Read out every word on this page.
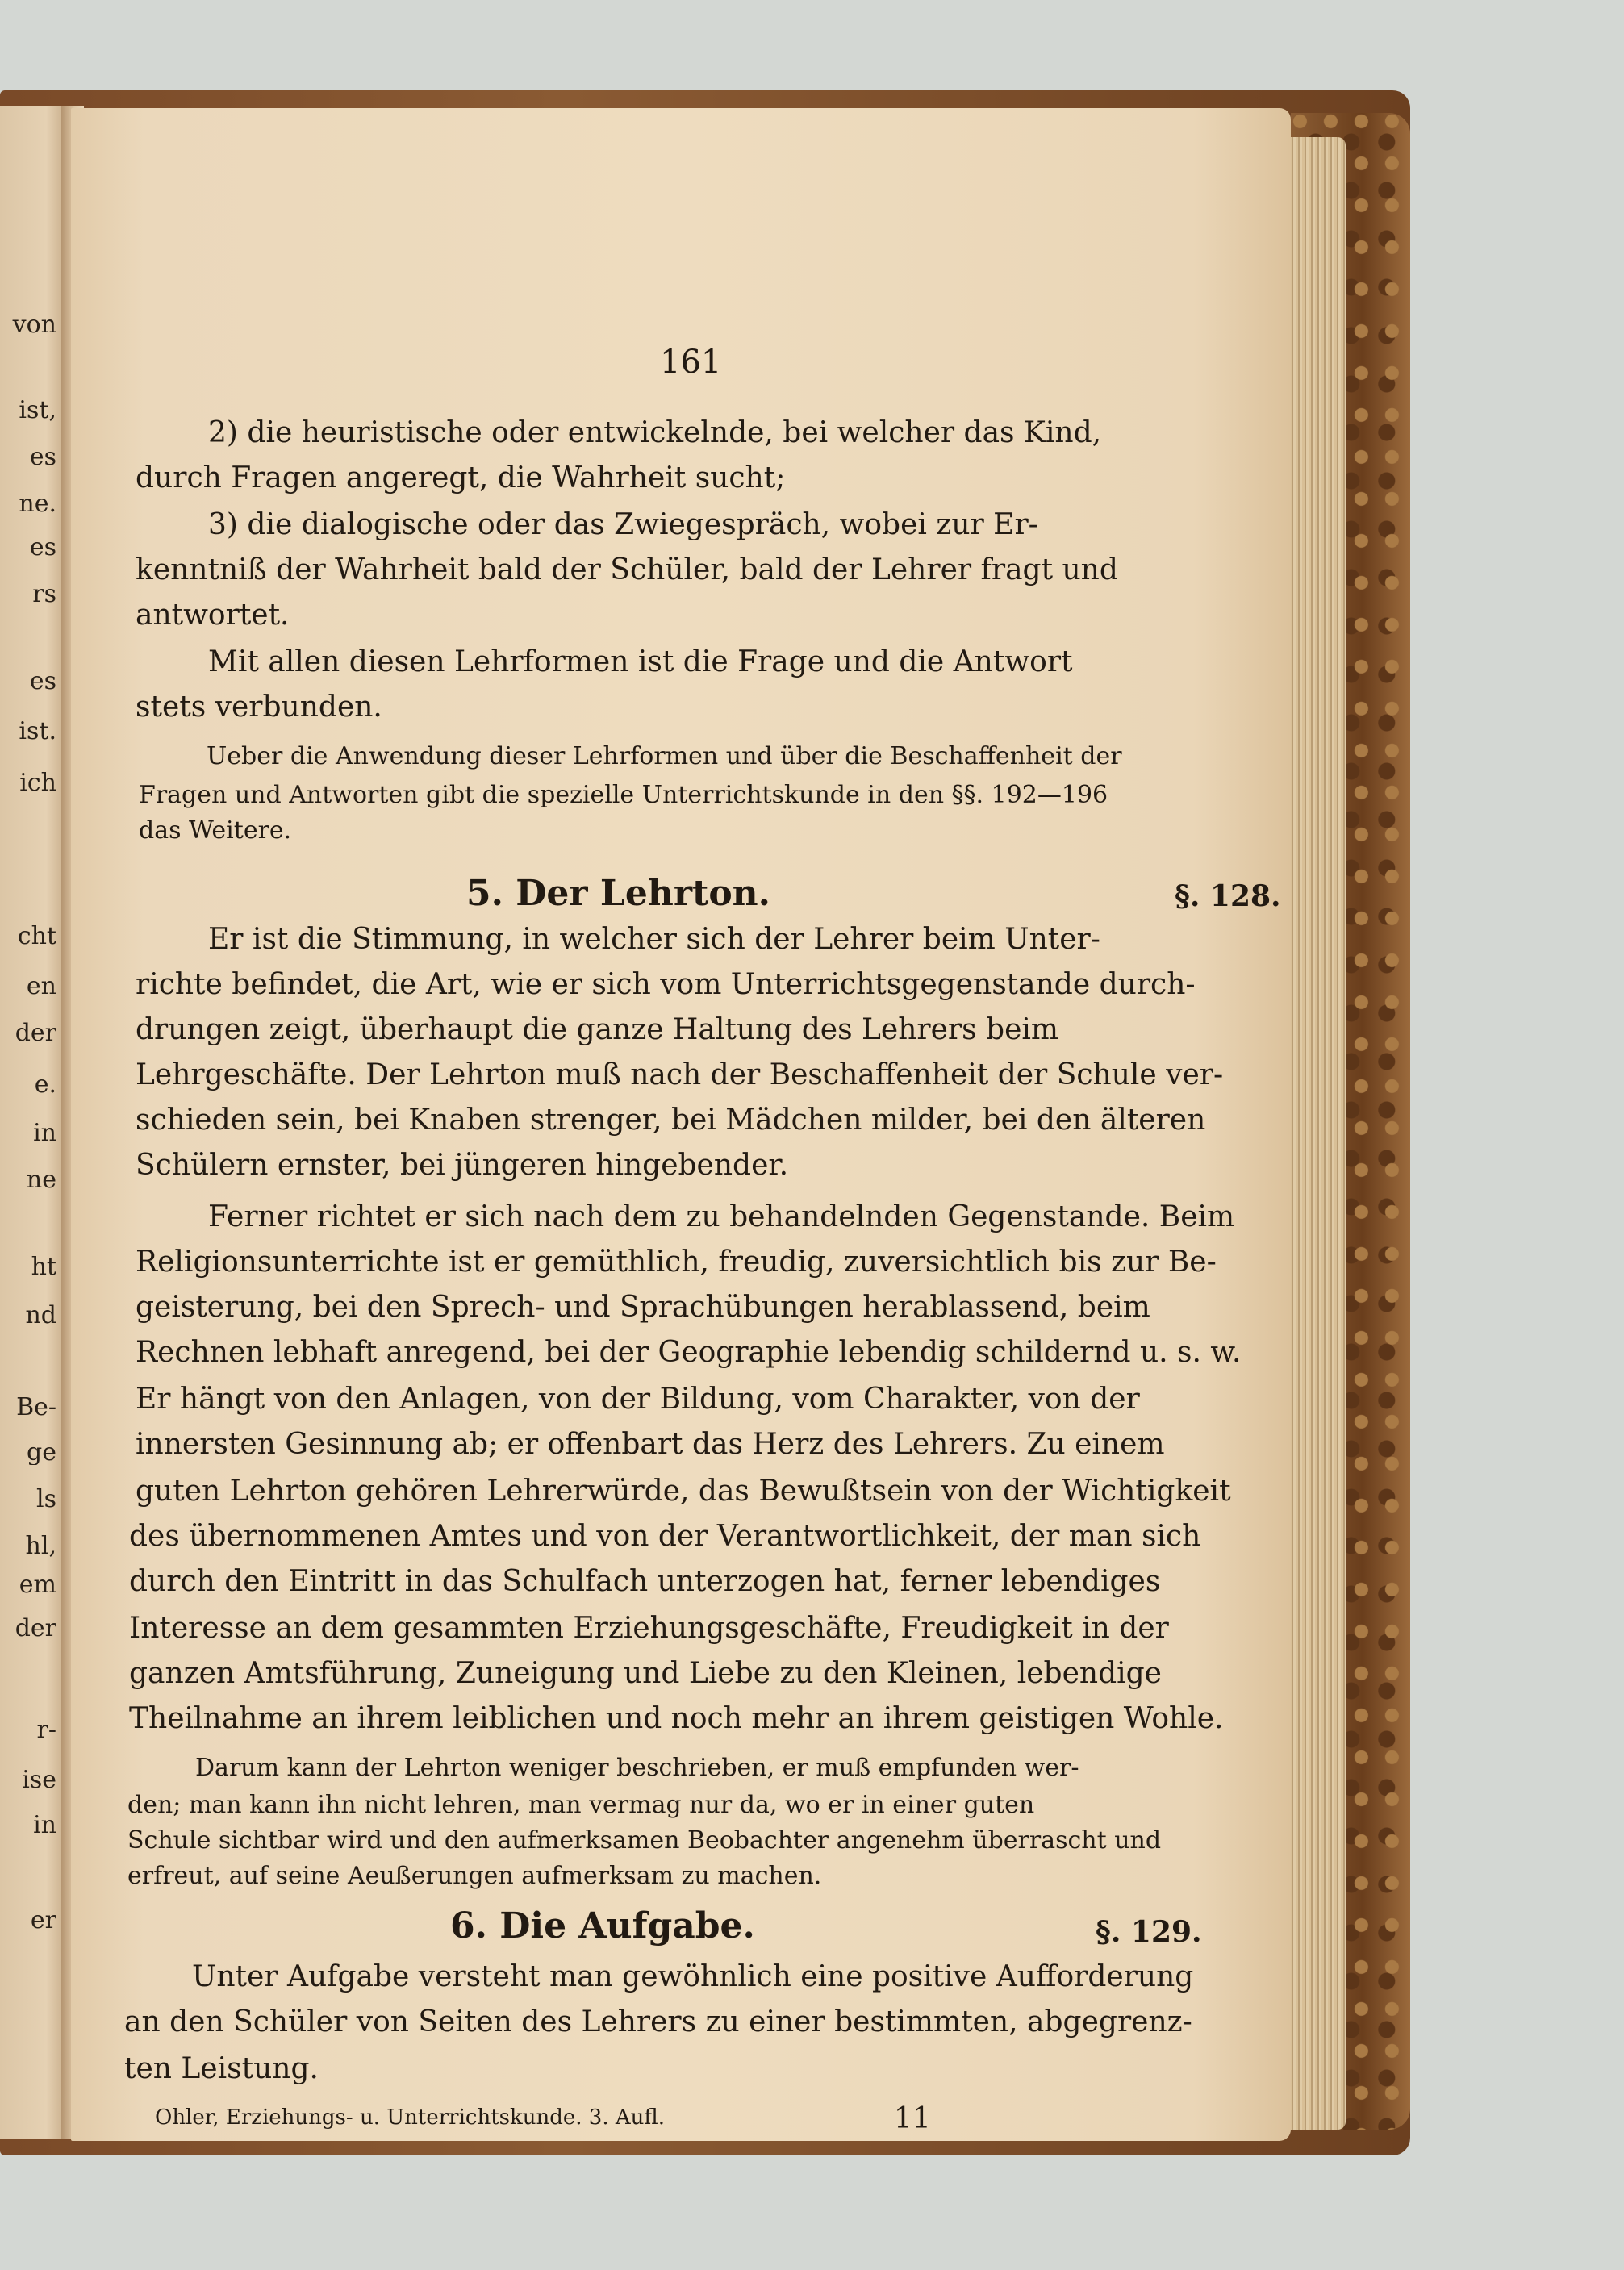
von
ist,
es
ne.
es
rs
es
ist.
ich
cht
en
der
e.
in
ne
ht
nd
Be-
ge
ls
hl,
em
der
r-
ise
in
er
161
2) die heuristische oder entwickelnde, bei welcher das Kind,
durch Fragen angeregt, die Wahrheit sucht;
3) die dialogische oder das Zwiegespräch, wobei zur Er-
kenntniß der Wahrheit bald der Schüler, bald der Lehrer fragt und
antwortet.
Mit allen diesen Lehrformen ist die Frage und die Antwort
stets verbunden.
Ueber die Anwendung dieser Lehrformen und über die Beschaffenheit der
Fragen und Antworten gibt die spezielle Unterrichtskunde in den §§. 192—196
das Weitere.
5. Der Lehrton.	§. 128.
Er ist die Stimmung, in welcher sich der Lehrer beim Unter-
richte befindet, die Art, wie er sich vom Unterrichtsgegenstande durch-
drungen zeigt, überhaupt die ganze Haltung des Lehrers beim
Lehrgeschäfte. Der Lehrton muß nach der Beschaffenheit der Schule ver-
schieden sein, bei Knaben strenger, bei Mädchen milder, bei den älteren
Schülern ernster, bei jüngeren hingebender.
Ferner richtet er sich nach dem zu behandelnden Gegenstande. Beim
Religionsunterrichte ist er gemüthlich, freudig, zuversichtlich bis zur Be-
geisterung, bei den Sprech- und Sprachübungen herablassend, beim
Rechnen lebhaft anregend, bei der Geographie lebendig schildernd u. s. w.
Er hängt von den Anlagen, von der Bildung, vom Charakter, von der
innersten Gesinnung ab; er offenbart das Herz des Lehrers. Zu einem
guten Lehrton gehören Lehrerwürde, das Bewußtsein von der Wichtigkeit
des übernommenen Amtes und von der Verantwortlichkeit, der man sich
durch den Eintritt in das Schulfach unterzogen hat, ferner lebendiges
Interesse an dem gesammten Erziehungsgeschäfte, Freudigkeit in der
ganzen Amtsführung, Zuneigung und Liebe zu den Kleinen, lebendige
Theilnahme an ihrem leiblichen und noch mehr an ihrem geistigen Wohle.
Darum kann der Lehrton weniger beschrieben, er muß empfunden wer-
den; man kann ihn nicht lehren, man vermag nur da, wo er in einer guten
Schule sichtbar wird und den aufmerksamen Beobachter angenehm überrascht und
erfreut, auf seine Aeußerungen aufmerksam zu machen.
6. Die Aufgabe.	§. 129.
Unter Aufgabe versteht man gewöhnlich eine positive Aufforderung
an den Schüler von Seiten des Lehrers zu einer bestimmten, abgegrenz-
ten Leistung.
Ohler, Erziehungs- u. Unterrichtskunde. 3. Aufl.	11
